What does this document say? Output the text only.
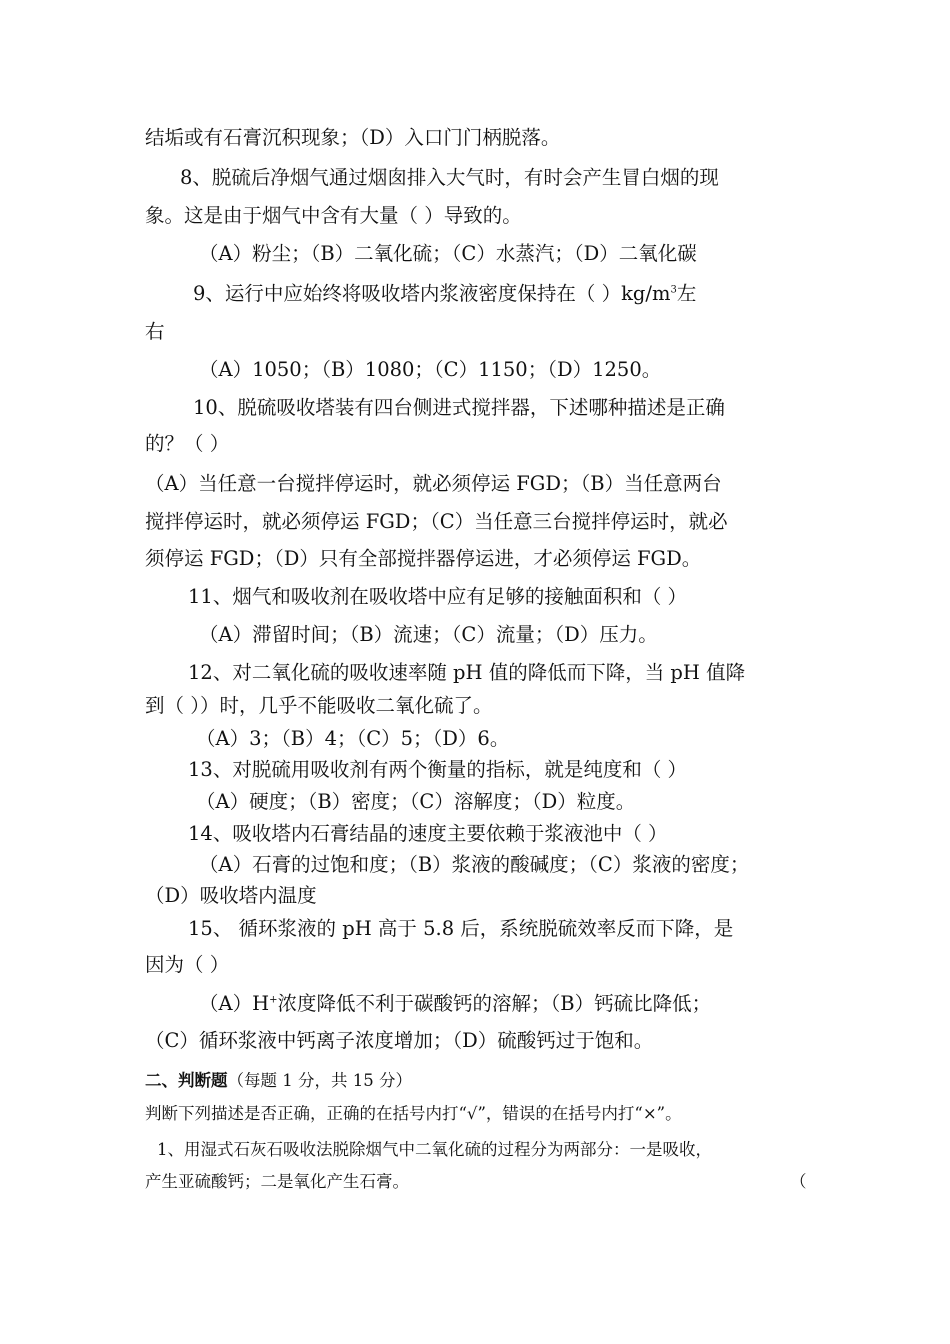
结垢或有石膏沉积现象；（D）入口门门柄脱落。
8、脱硫后净烟气通过烟囱排入大气时，有时会产生冒白烟的现
象。这是由于烟气中含有大量（ ）导致的。
（A）粉尘；（B）二氧化硫；（C）水蒸汽；（D）二氧化碳
9、运行中应始终将吸收塔内浆液密度保持在（ ）$kg/m^3$左
右
（A）1050；（B）1080；（C）1150；（D）1250。
10、脱硫吸收塔装有四台侧进式搅拌器，下述哪种描述是正确
的？（ ）
（A）当任意一台搅拌停运时，就必须停运 FGD；（B）当任意两台
搅拌停运时，就必须停运 FGD；（C）当任意三台搅拌停运时，就必
须停运 FGD；（D）只有全部搅拌器停运进，才必须停运 FGD。
11、烟气和吸收剂在吸收塔中应有足够的接触面积和（ ）
（A）滞留时间；（B）流速；（C）流量；（D）压力。
12、对二氧化硫的吸收速率随 pH 值的降低而下降，当 pH 值降
到（ ））时，几乎不能吸收二氧化硫了。
（A）3；（B）4；（C）5；（D）6。
13、对脱硫用吸收剂有两个衡量的指标，就是纯度和（ ）
（A）硬度；（B）密度；（C）溶解度；（D）粒度。
14、吸收塔内石膏结晶的速度主要依赖于浆液池中（ ）
（A）石膏的过饱和度；（B）浆液的酸碱度；（C）浆液的密度；
（D）吸收塔内温度
15、 循环浆液的 pH 高于 5.8 后，系统脱硫效率反而下降，是
因为（ ）
（A）H+浓度降低不利于碳酸钙的溶解；（B）钙硫比降低；
（C）循环浆液中钙离子浓度增加；（D）硫酸钙过于饱和。
二、判断题（每题 1 分，共 15 分）
判断下列描述是否正确，正确的在括号内打“√”，错误的在括号内打“×”。
1、用湿式石灰石吸收法脱除烟气中二氧化硫的过程分为两部分：一是吸收，
产生亚硫酸钙；二是氧化产生石膏。	（
